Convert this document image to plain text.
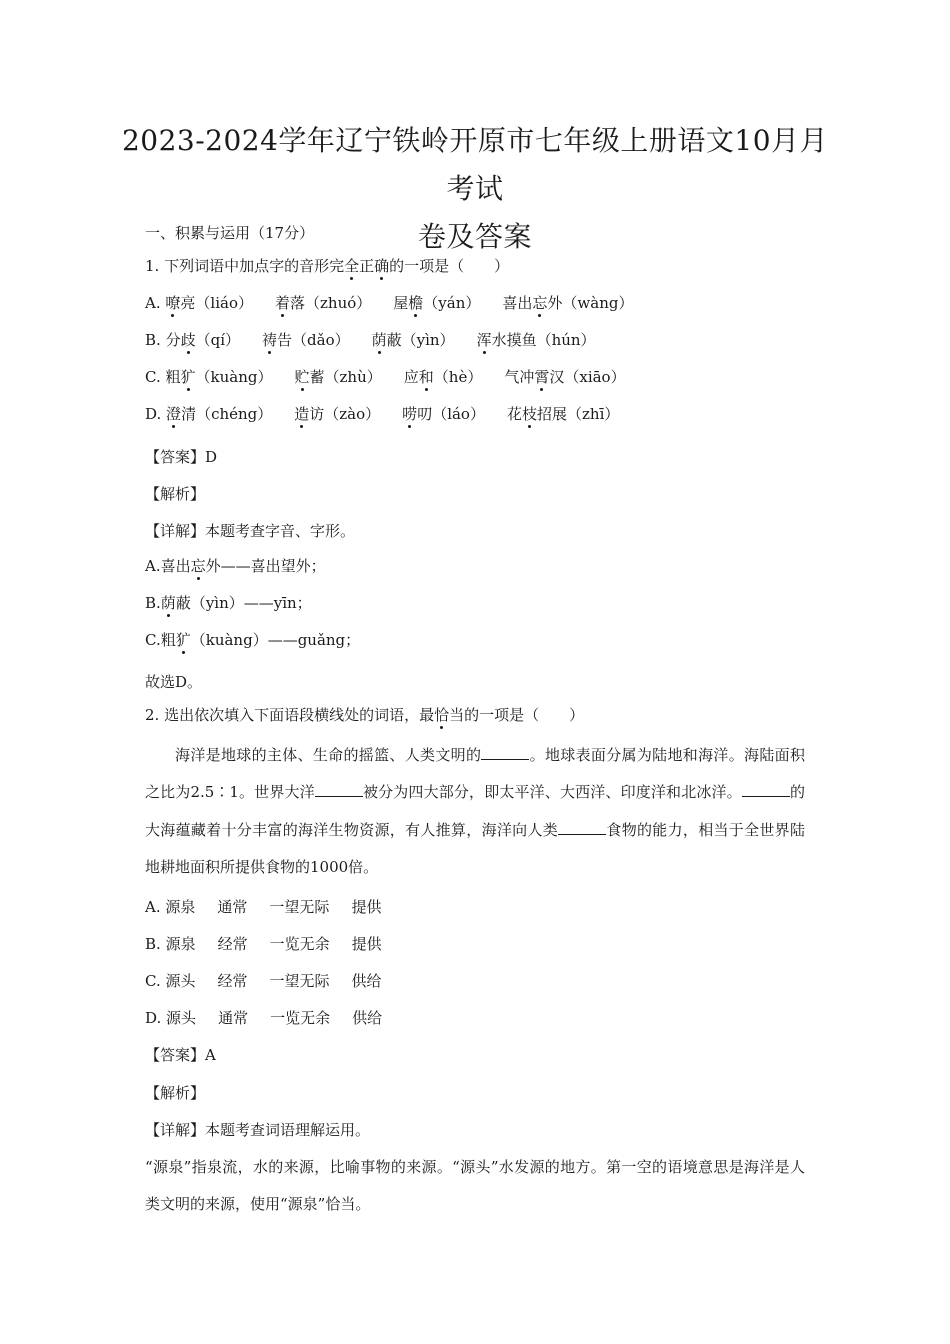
2023-2024学年辽宁铁岭开原市七年级上册语文10月月考试
卷及答案
一、积累与运用（17分）
1. 下列词语中加点字的音形完全正确的一项是（　　）
A. 嘹亮（liáo） 着落（zhuó） 屋檐（yán） 喜出忘外（wàng）
B. 分歧（qí） 祷告（dǎo） 荫蔽（yìn） 浑水摸鱼（hún）
C. 粗犷（kuàng） 贮蓄（zhù） 应和（hè） 气冲霄汉（xiāo）
D. 澄清（chéng） 造访（zào） 唠叨（láo） 花枝招展（zhī）
【答案】D
【解析】
【详解】本题考查字音、字形。
A.喜出忘外——喜出望外；
B.荫蔽（yìn）——yīn；
C.粗犷（kuàng）——guǎng；
故选D。
2. 选出依次填入下面语段横线处的词语，最恰当的一项是（　　）
海洋是地球的主体、生命的摇篮、人类文明的	。地球表面分属为陆地和海洋。海陆面积之比为2.5∶1。世界大洋	被分为四大部分，即太平洋、大西洋、印度洋和北冰洋。	的大海蕴藏着十分丰富的海洋生物资源，有人推算，海洋向人类	食物的能力，相当于全世界陆地耕地面积所提供食物的1000倍。
A. 源泉 通常 一望无际 提供
B. 源泉 经常 一览无余 提供
C. 源头 经常 一望无际 供给
D. 源头 通常 一览无余 供给
【答案】A
【解析】
【详解】本题考查词语理解运用。
“源泉”指泉流，水的来源，比喻事物的来源。“源头”水发源的地方。第一空的语境意思是海洋是人类文明的来源，使用“源泉”恰当。
